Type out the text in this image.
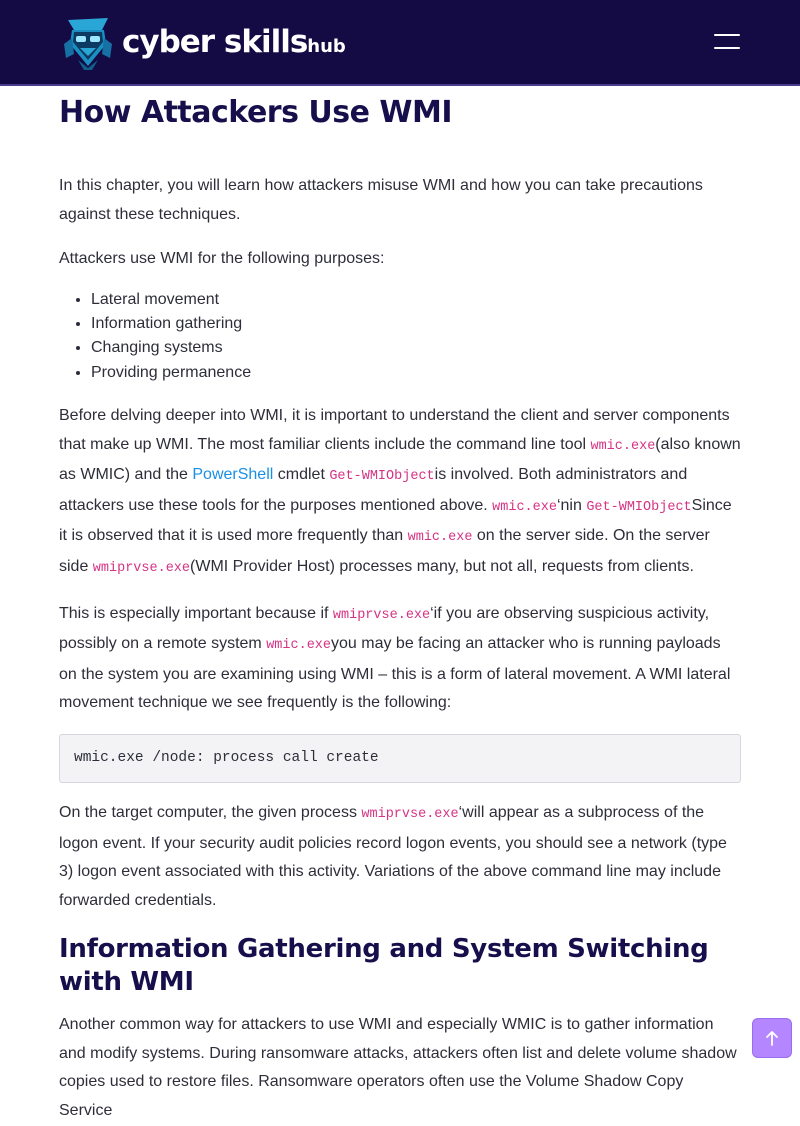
cyber skillshub
How Attackers Use WMI

In this chapter, you will learn how attackers misuse WMI and how you can take precautions against these techniques.

Attackers use WMI for the following purposes:

• Lateral movement
• Information gathering
• Changing systems
• Providing permanence

Before delving deeper into WMI, it is important to understand the client and server components that make up WMI. The most familiar clients include the command line tool wmic.exe(also known as WMIC) and the PowerShell cmdlet Get-WMIObjectis involved. Both administrators and attackers use these tools for the purposes mentioned above. wmic.exe‘nin Get-WMIObjectSince it is observed that it is used more frequently than wmic.exe on the server side. On the server side wmiprvse.exe(WMI Provider Host) processes many, but not all, requests from clients.

This is especially important because if wmiprvse.exe‘if you are observing suspicious activity, possibly on a remote system wmic.exeyou may be facing an attacker who is running payloads on the system you are examining using WMI – this is a form of lateral movement. A WMI lateral movement technique we see frequently is the following:

wmic.exe /node: process call create

On the target computer, the given process wmiprvse.exe‘will appear as a subprocess of the logon event. If your security audit policies record logon events, you should see a network (type 3) logon event associated with this activity. Variations of the above command line may include forwarded credentials.

Information Gathering and System Switching with WMI

Another common way for attackers to use WMI and especially WMIC is to gather information and modify systems. During ransomware attacks, attackers often list and delete volume shadow copies used to restore files. Ransomware operators often use the Volume Shadow Copy Service
